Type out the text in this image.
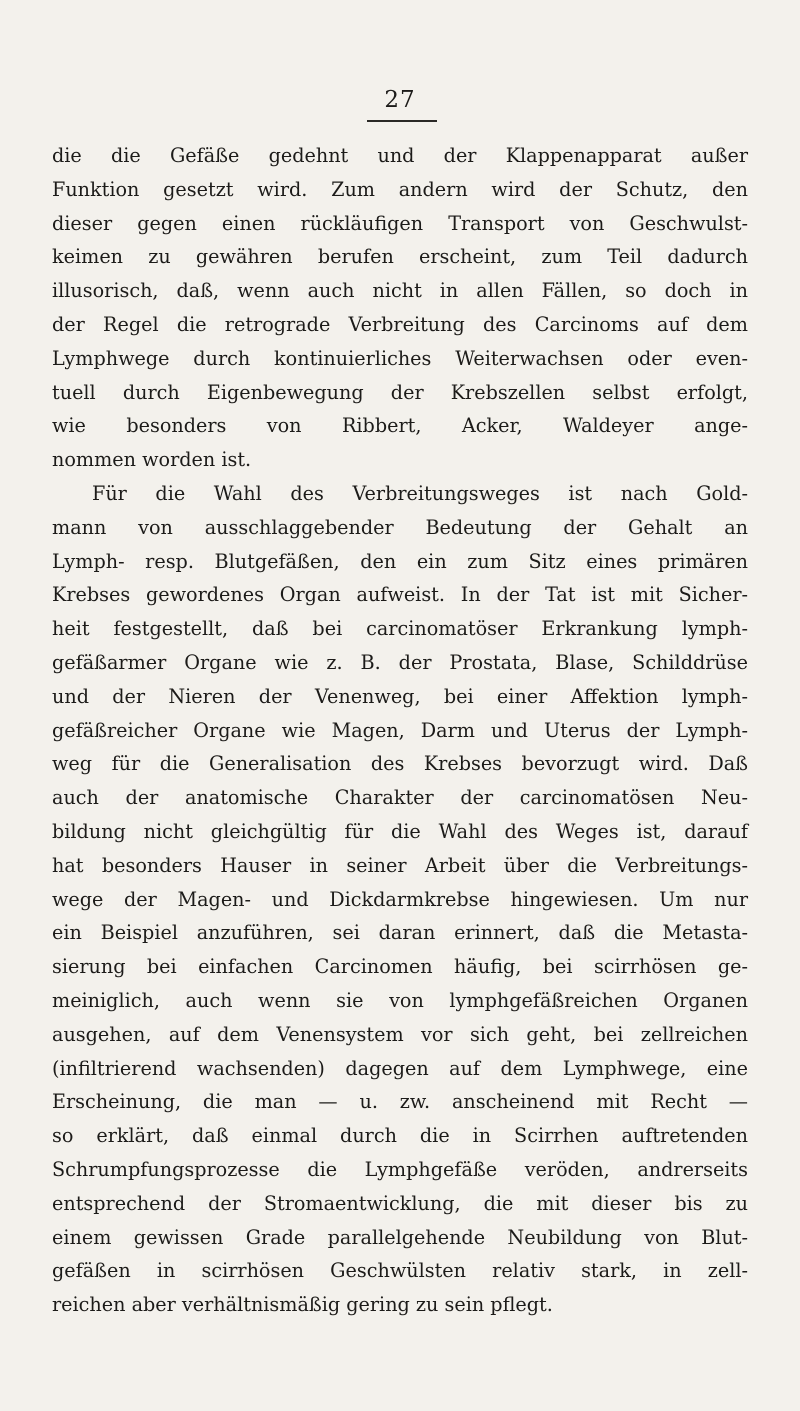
27
die die Gefäße gedehnt und der Klappenapparat außer
Funktion gesetzt wird. Zum andern wird der Schutz, den
dieser gegen einen rückläufigen Transport von Geschwulst-
keimen zu gewähren berufen erscheint, zum Teil dadurch
illusorisch, daß, wenn auch nicht in allen Fällen, so doch in
der Regel die retrograde Verbreitung des Carcinoms auf dem
Lymphwege durch kontinuierliches Weiterwachsen oder even-
tuell durch Eigenbewegung der Krebszellen selbst erfolgt,
wie besonders von Ribbert, Acker, Waldeyer ange-
nommen worden ist.
Für die Wahl des Verbreitungsweges ist nach Gold-
mann von ausschlaggebender Bedeutung der Gehalt an
Lymph- resp. Blutgefäßen, den ein zum Sitz eines primären
Krebses gewordenes Organ aufweist. In der Tat ist mit Sicher-
heit festgestellt, daß bei carcinomatöser Erkrankung lymph-
gefäßarmer Organe wie z. B. der Prostata, Blase, Schilddrüse
und der Nieren der Venenweg, bei einer Affektion lymph-
gefäßreicher Organe wie Magen, Darm und Uterus der Lymph-
weg für die Generalisation des Krebses bevorzugt wird. Daß
auch der anatomische Charakter der carcinomatösen Neu-
bildung nicht gleichgültig für die Wahl des Weges ist, darauf
hat besonders Hauser in seiner Arbeit über die Verbreitungs-
wege der Magen- und Dickdarmkrebse hingewiesen. Um nur
ein Beispiel anzuführen, sei daran erinnert, daß die Metasta-
sierung bei einfachen Carcinomen häufig, bei scirrhösen ge-
meiniglich, auch wenn sie von lymphgefäßreichen Organen
ausgehen, auf dem Venensystem vor sich geht, bei zellreichen
(infiltrierend wachsenden) dagegen auf dem Lymphwege, eine
Erscheinung, die man — u. zw. anscheinend mit Recht —
so erklärt, daß einmal durch die in Scirrhen auftretenden
Schrumpfungsprozesse die Lymphgefäße veröden, andrerseits
entsprechend der Stromaentwicklung, die mit dieser bis zu
einem gewissen Grade parallelgehende Neubildung von Blut-
gefäßen in scirrhösen Geschwülsten relativ stark, in zell-
reichen aber verhältnismäßig gering zu sein pflegt.
